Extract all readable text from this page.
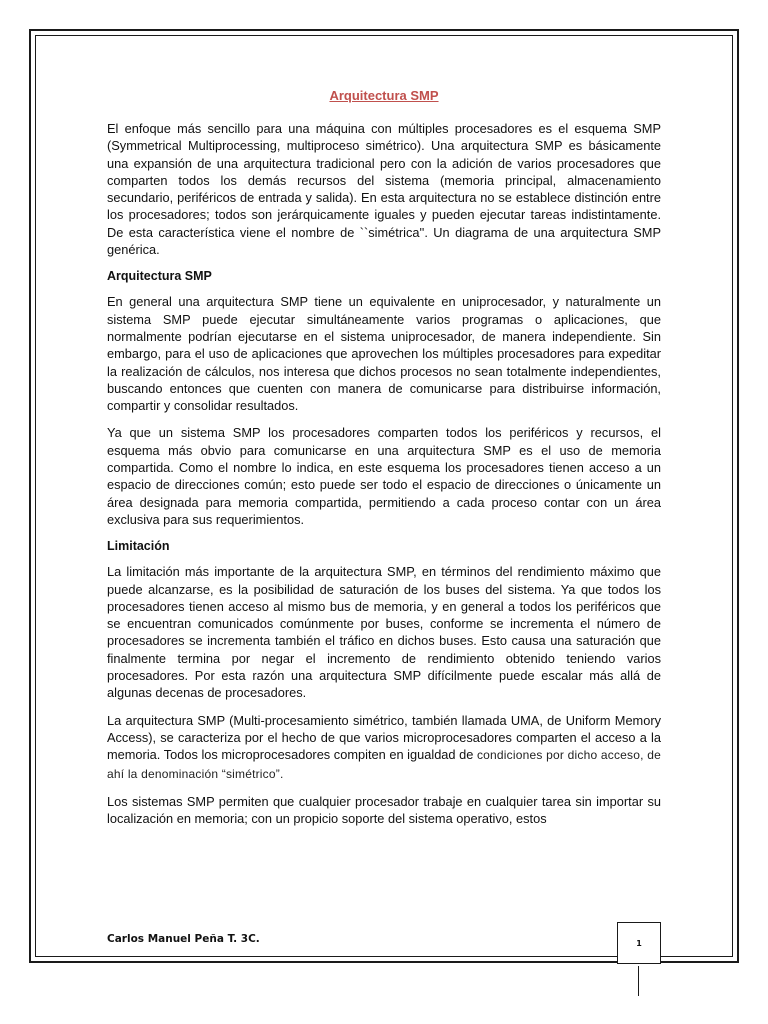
Arquitectura SMP

El enfoque más sencillo para una máquina con múltiples procesadores es el esquema SMP (Symmetrical Multiprocessing, multiproceso simétrico). Una arquitectura SMP es básicamente una expansión de una arquitectura tradicional pero con la adición de varios procesadores que comparten todos los demás recursos del sistema (memoria principal, almacenamiento secundario, periféricos de entrada y salida). En esta arquitectura no se establece distinción entre los procesadores; todos son jerárquicamente iguales y pueden ejecutar tareas indistintamente. De esta característica viene el nombre de ``simétrica''. Un diagrama de una arquitectura SMP genérica.

Arquitectura SMP

En general una arquitectura SMP tiene un equivalente en uniprocesador, y naturalmente un sistema SMP puede ejecutar simultáneamente varios programas o aplicaciones, que normalmente podrían ejecutarse en el sistema uniprocesador, de manera independiente. Sin embargo, para el uso de aplicaciones que aprovechen los múltiples procesadores para expeditar la realización de cálculos, nos interesa que dichos procesos no sean totalmente independientes, buscando entonces que cuenten con manera de comunicarse para distribuirse información, compartir y consolidar resultados.

Ya que un sistema SMP los procesadores comparten todos los periféricos y recursos, el esquema más obvio para comunicarse en una arquitectura SMP es el uso de memoria compartida. Como el nombre lo indica, en este esquema los procesadores tienen acceso a un espacio de direcciones común; esto puede ser todo el espacio de direcciones o únicamente un área designada para memoria compartida, permitiendo a cada proceso contar con un área exclusiva para sus requerimientos.

Limitación

La limitación más importante de la arquitectura SMP, en términos del rendimiento máximo que puede alcanzarse, es la posibilidad de saturación de los buses del sistema. Ya que todos los procesadores tienen acceso al mismo bus de memoria, y en general a todos los periféricos que se encuentran comunicados comúnmente por buses, conforme se incrementa el número de procesadores se incrementa también el tráfico en dichos buses. Esto causa una saturación que finalmente termina por negar el incremento de rendimiento obtenido teniendo varios procesadores. Por esta razón una arquitectura SMP difícilmente puede escalar más allá de algunas decenas de procesadores.

La arquitectura SMP (Multi-procesamiento simétrico, también llamada UMA, de Uniform Memory Access), se caracteriza por el hecho de que varios microprocesadores comparten el acceso a la memoria. Todos los microprocesadores compiten en igualdad de condiciones por dicho acceso, de ahí la denominación “simétrico”.

Los sistemas SMP permiten que cualquier procesador trabaje en cualquier tarea sin importar su localización en memoria; con un propicio soporte del sistema operativo, estos

Carlos Manuel Peña T. 3C.	1
